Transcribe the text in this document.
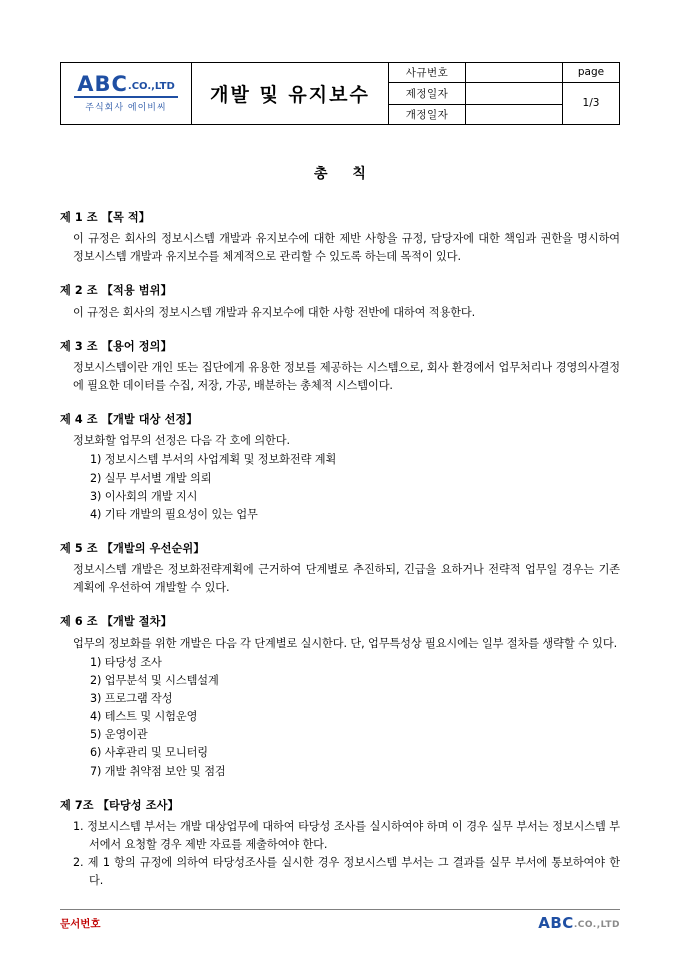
ABC.CO.,LTD
주식회사 에이비씨	개발 및 유지보수	사규번호		page
		제정일자		1/3
		개정일자		
총 칙
제 1 조 【목 적】

이 규정은 회사의 정보시스템 개발과 유지보수에 대한 제반 사항을 규정, 담당자에 대한 책임과 권한을 명시하여 정보시스템 개발과 유지보수를 체계적으로 관리할 수 있도록 하는데 목적이 있다.

제 2 조 【적용 범위】

이 규정은 회사의 정보시스템 개발과 유지보수에 대한 사항 전반에 대하여 적용한다.

제 3 조 【용어 정의】

정보시스템이란 개인 또는 집단에게 유용한 정보를 제공하는 시스템으로, 회사 환경에서 업무처리나 경영의사결정에 필요한 데이터를 수집, 저장, 가공, 배분하는 총체적 시스템이다.

제 4 조 【개발 대상 선정】

정보화할 업무의 선정은 다음 각 호에 의한다.

1) 정보시스템 부서의 사업계획 및 정보화전략 계획
2) 실무 부서별 개발 의뢰
3) 이사회의 개발 지시
4) 기타 개발의 필요성이 있는 업무
제 5 조 【개발의 우선순위】

정보시스템 개발은 정보화전략계획에 근거하여 단계별로 추진하되, 긴급을 요하거나 전략적 업무일 경우는 기존 계획에 우선하여 개발할 수 있다.

제 6 조 【개발 절차】

업무의 정보화를 위한 개발은 다음 각 단계별로 실시한다. 단, 업무특성상 필요시에는 일부 절차를 생략할 수 있다.

1) 타당성 조사
2) 업무분석 및 시스템설계
3) 프로그램 작성
4) 테스트 및 시험운영
5) 운영이관
6) 사후관리 및 모니터링
7) 개발 취약점 보안 및 점검
제 7조 【타당성 조사】
1. 정보시스템 부서는 개발 대상업무에 대하여 타당성 조사를 실시하여야 하며 이 경우 실무 부서는 정보시스템 부서에서 요청할 경우 제반 자료를 제출하여야 한다.
2. 제 1 항의 규정에 의하여 타당성조사를 실시한 경우 정보시스템 부서는 그 결과를 실무 부서에 통보하여야 한다.
문서번호	ABC.CO.,LTD
